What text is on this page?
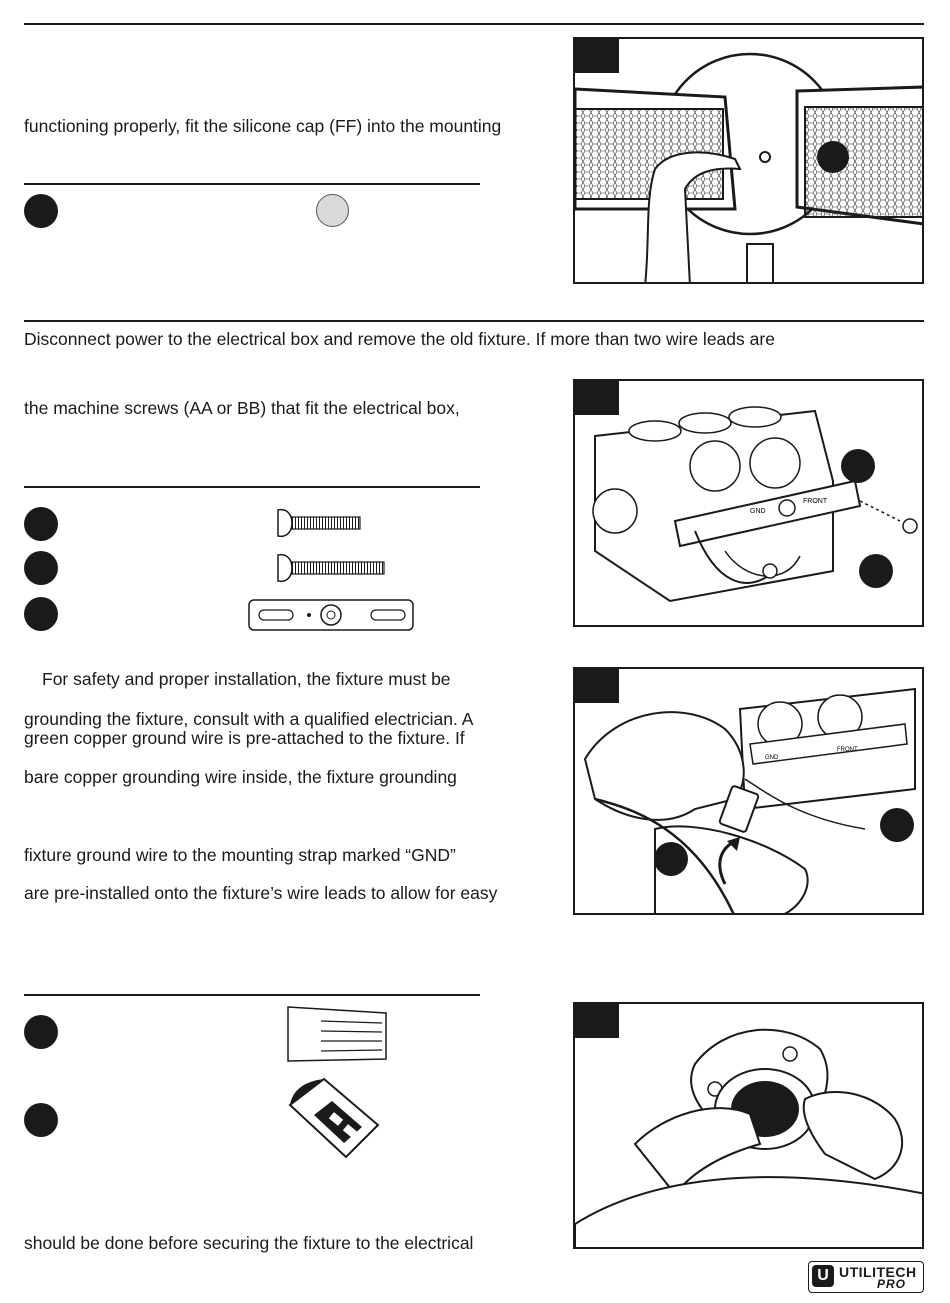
functioning properly, fit the silicone cap (FF) into the mounting
Disconnect power to the electrical box and remove the old fixture. If more than two wire leads are
the machine screws (AA or BB) that fit the electrical box,
GND
FRONT
For safety and proper installation, the fixture must be
grounding the fixture, consult with a qualified electrician. A
green copper ground wire is pre-attached to the fixture. If
bare copper grounding wire inside, the fixture grounding
fixture ground wire to the mounting strap marked “GND”
are pre-installed onto the fixture’s wire leads to allow for easy
GND
FRONT
should be done before securing the fixture to the electrical
U UTILITECH
PRO
